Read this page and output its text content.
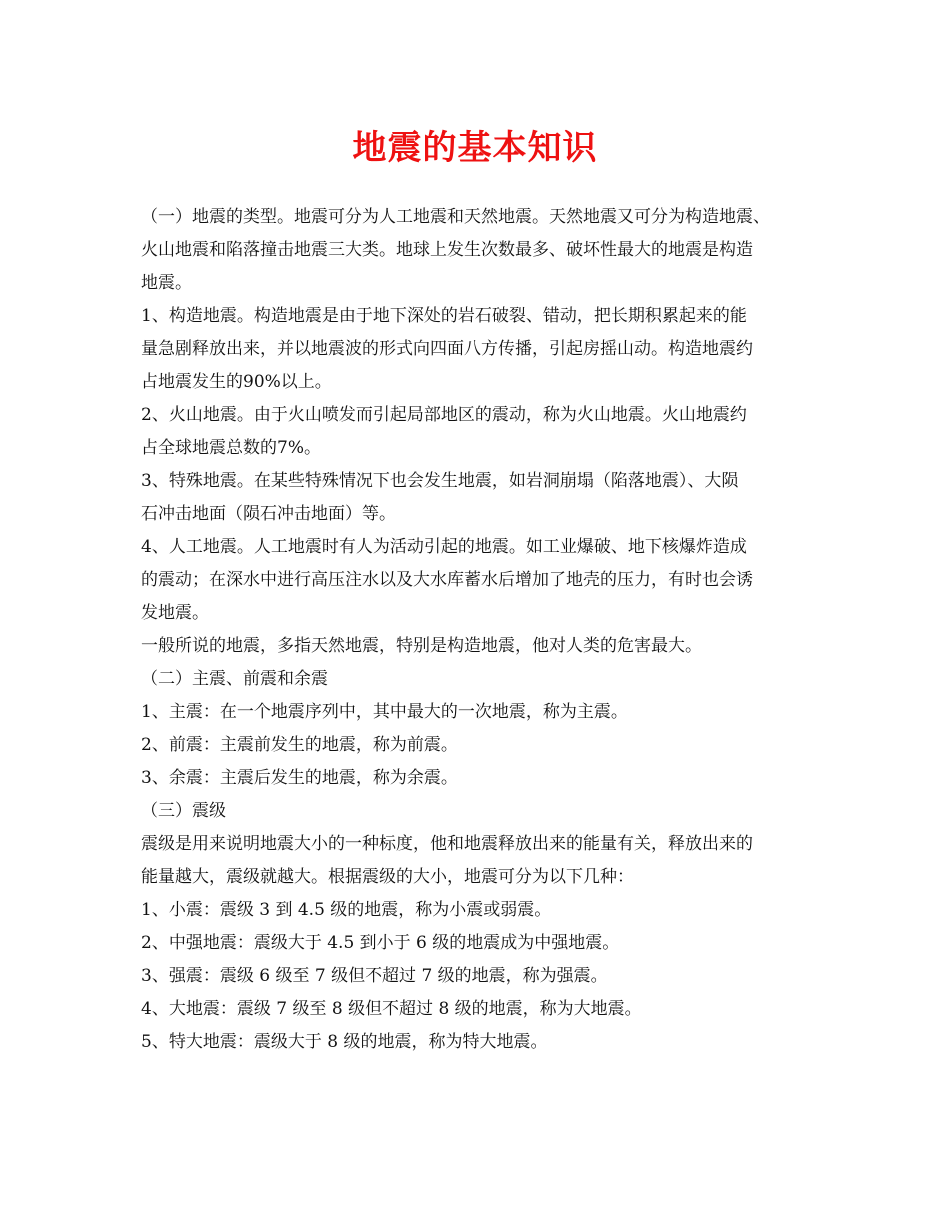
地震的基本知识

（一）地震的类型。地震可分为人工地震和天然地震。天然地震又可分为构造地震、

火山地震和陷落撞击地震三大类。地球上发生次数最多、破坏性最大的地震是构造

地震。

1、构造地震。构造地震是由于地下深处的岩石破裂、错动，把长期积累起来的能

量急剧释放出来，并以地震波的形式向四面八方传播，引起房摇山动。构造地震约

占地震发生的90%以上。

2、火山地震。由于火山喷发而引起局部地区的震动，称为火山地震。火山地震约

占全球地震总数的7%。

3、特殊地震。在某些特殊情况下也会发生地震，如岩洞崩塌（陷落地震）、大陨

石冲击地面（陨石冲击地面）等。

4、人工地震。人工地震时有人为活动引起的地震。如工业爆破、地下核爆炸造成

的震动；在深水中进行高压注水以及大水库蓄水后增加了地壳的压力，有时也会诱

发地震。

一般所说的地震，多指天然地震，特别是构造地震，他对人类的危害最大。

（二）主震、前震和余震

1、主震：在一个地震序列中，其中最大的一次地震，称为主震。

2、前震：主震前发生的地震，称为前震。

3、余震：主震后发生的地震，称为余震。

（三）震级

震级是用来说明地震大小的一种标度，他和地震释放出来的能量有关，释放出来的

能量越大，震级就越大。根据震级的大小，地震可分为以下几种：

1、小震：震级 3 到 4.5 级的地震，称为小震或弱震。

2、中强地震：震级大于 4.5 到小于 6 级的地震成为中强地震。

3、强震：震级 6 级至 7 级但不超过 7 级的地震，称为强震。

4、大地震：震级 7 级至 8 级但不超过 8 级的地震，称为大地震。

5、特大地震：震级大于 8 级的地震，称为特大地震。
